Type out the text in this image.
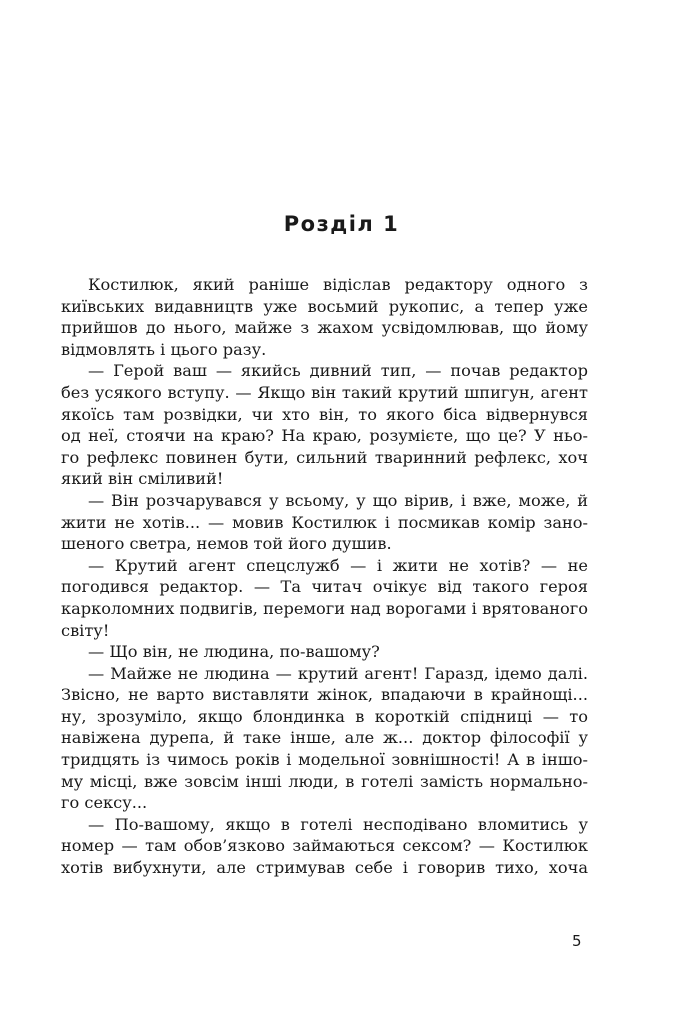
Розділ 1
Костилюк, який раніше відіслав редактору одного з
київських видавництв уже восьмий рукопис, а тепер уже
прийшов до нього, майже з жахом усвідомлював, що йому
відмовлять і цього разу.
— Герой ваш — якийсь дивний тип, — почав редактор
без усякого вступу. — Якщо він такий крутий шпигун, агент
якоїсь там розвідки, чи хто він, то якого біса відвернувся
од неї, стоячи на краю? На краю, розумієте, що це? У ньо-
го рефлекс повинен бути, сильний тваринний рефлекс, хоч
який він сміливий!
— Він розчарувався у всьому, у що вірив, і вже, може, й
жити не хотів... — мовив Костилюк і посмикав комір зано-
шеного светра, немов той його душив.
— Крутий агент спецслужб — і жити не хотів? — не
погодився редактор. — Та читач очікує від такого героя
карколомних подвигів, перемоги над ворогами і врятованого
світу!
— Що він, не людина, по-вашому?
— Майже не людина — крутий агент! Гаразд, ідемо далі.
Звісно, не варто виставляти жінок, впадаючи в крайнощі...
ну, зрозуміло, якщо блондинка в короткій спідниці — то
навіжена дурепа, й таке інше, але ж... доктор філософії у
тридцять із чимось років і модельної зовнішності! А в іншо-
му місці, вже зовсім інші люди, в готелі замість нормально-
го сексу...
— По-вашому, якщо в готелі несподівано вломитись у
номер — там обов’язково займаються сексом? — Костилюк
хотів вибухнути, але стримував себе і говорив тихо, хоча
5
